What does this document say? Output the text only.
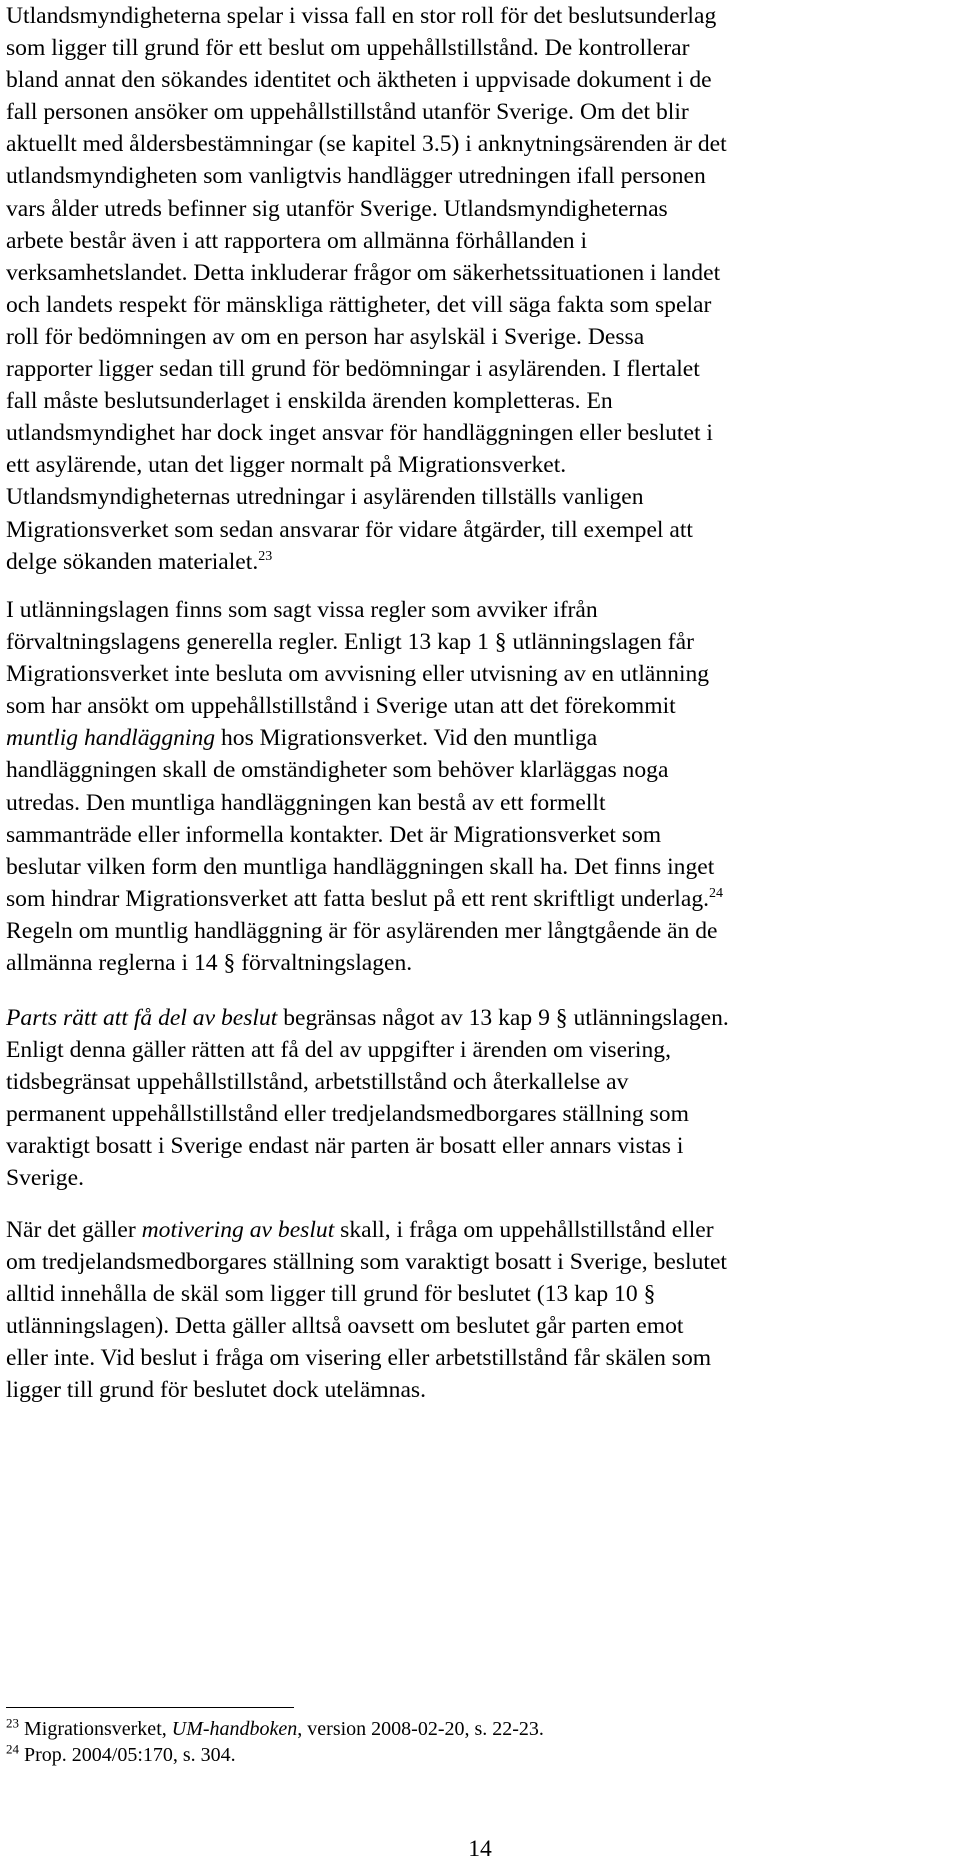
Utlandsmyndigheterna spelar i vissa fall en stor roll för det beslutsunderlag
som ligger till grund för ett beslut om uppehållstillstånd. De kontrollerar
bland annat den sökandes identitet och äktheten i uppvisade dokument i de
fall personen ansöker om uppehållstillstånd utanför Sverige. Om det blir
aktuellt med åldersbestämningar (se kapitel 3.5) i anknytningsärenden är det
utlandsmyndigheten som vanligtvis handlägger utredningen ifall personen
vars ålder utreds befinner sig utanför Sverige. Utlandsmyndigheternas
arbete består även i att rapportera om allmänna förhållanden i
verksamhetslandet. Detta inkluderar frågor om säkerhetssituationen i landet
och landets respekt för mänskliga rättigheter, det vill säga fakta som spelar
roll för bedömningen av om en person har asylskäl i Sverige. Dessa
rapporter ligger sedan till grund för bedömningar i asylärenden. I flertalet
fall måste beslutsunderlaget i enskilda ärenden kompletteras. En
utlandsmyndighet har dock inget ansvar för handläggningen eller beslutet i
ett asylärende, utan det ligger normalt på Migrationsverket.
Utlandsmyndigheternas utredningar i asylärenden tillställs vanligen
Migrationsverket som sedan ansvarar för vidare åtgärder, till exempel att
delge sökanden materialet.$^{23}$

I utlänningslagen finns som sagt vissa regler som avviker ifrån
förvaltningslagens generella regler. Enligt 13 kap 1 § utlänningslagen får
Migrationsverket inte besluta om avvisning eller utvisning av en utlänning
som har ansökt om uppehållstillstånd i Sverige utan att det förekommit
muntlig handläggning hos Migrationsverket. Vid den muntliga
handläggningen skall de omständigheter som behöver klarläggas noga
utredas. Den muntliga handläggningen kan bestå av ett formellt
sammanträde eller informella kontakter. Det är Migrationsverket som
beslutar vilken form den muntliga handläggningen skall ha. Det finns inget
som hindrar Migrationsverket att fatta beslut på ett rent skriftligt underlag.$^{24}$
Regeln om muntlig handläggning är för asylärenden mer långtgående än de
allmänna reglerna i 14 § förvaltningslagen.

Parts rätt att få del av beslut begränsas något av 13 kap 9 § utlänningslagen.
Enligt denna gäller rätten att få del av uppgifter i ärenden om visering,
tidsbegränsat uppehållstillstånd, arbetstillstånd och återkallelse av
permanent uppehållstillstånd eller tredjelandsmedborgares ställning som
varaktigt bosatt i Sverige endast när parten är bosatt eller annars vistas i
Sverige.

När det gäller motivering av beslut skall, i fråga om uppehållstillstånd eller
om tredjelandsmedborgares ställning som varaktigt bosatt i Sverige, beslutet
alltid innehålla de skäl som ligger till grund för beslutet (13 kap 10 §
utlänningslagen). Detta gäller alltså oavsett om beslutet går parten emot
eller inte. Vid beslut i fråga om visering eller arbetstillstånd får skälen som
ligger till grund för beslutet dock utelämnas.

$^{23}$ Migrationsverket, UM-handboken, version 2008-02-20, s. 22-23.
$^{24}$ Prop. 2004/05:170, s. 304.
14
